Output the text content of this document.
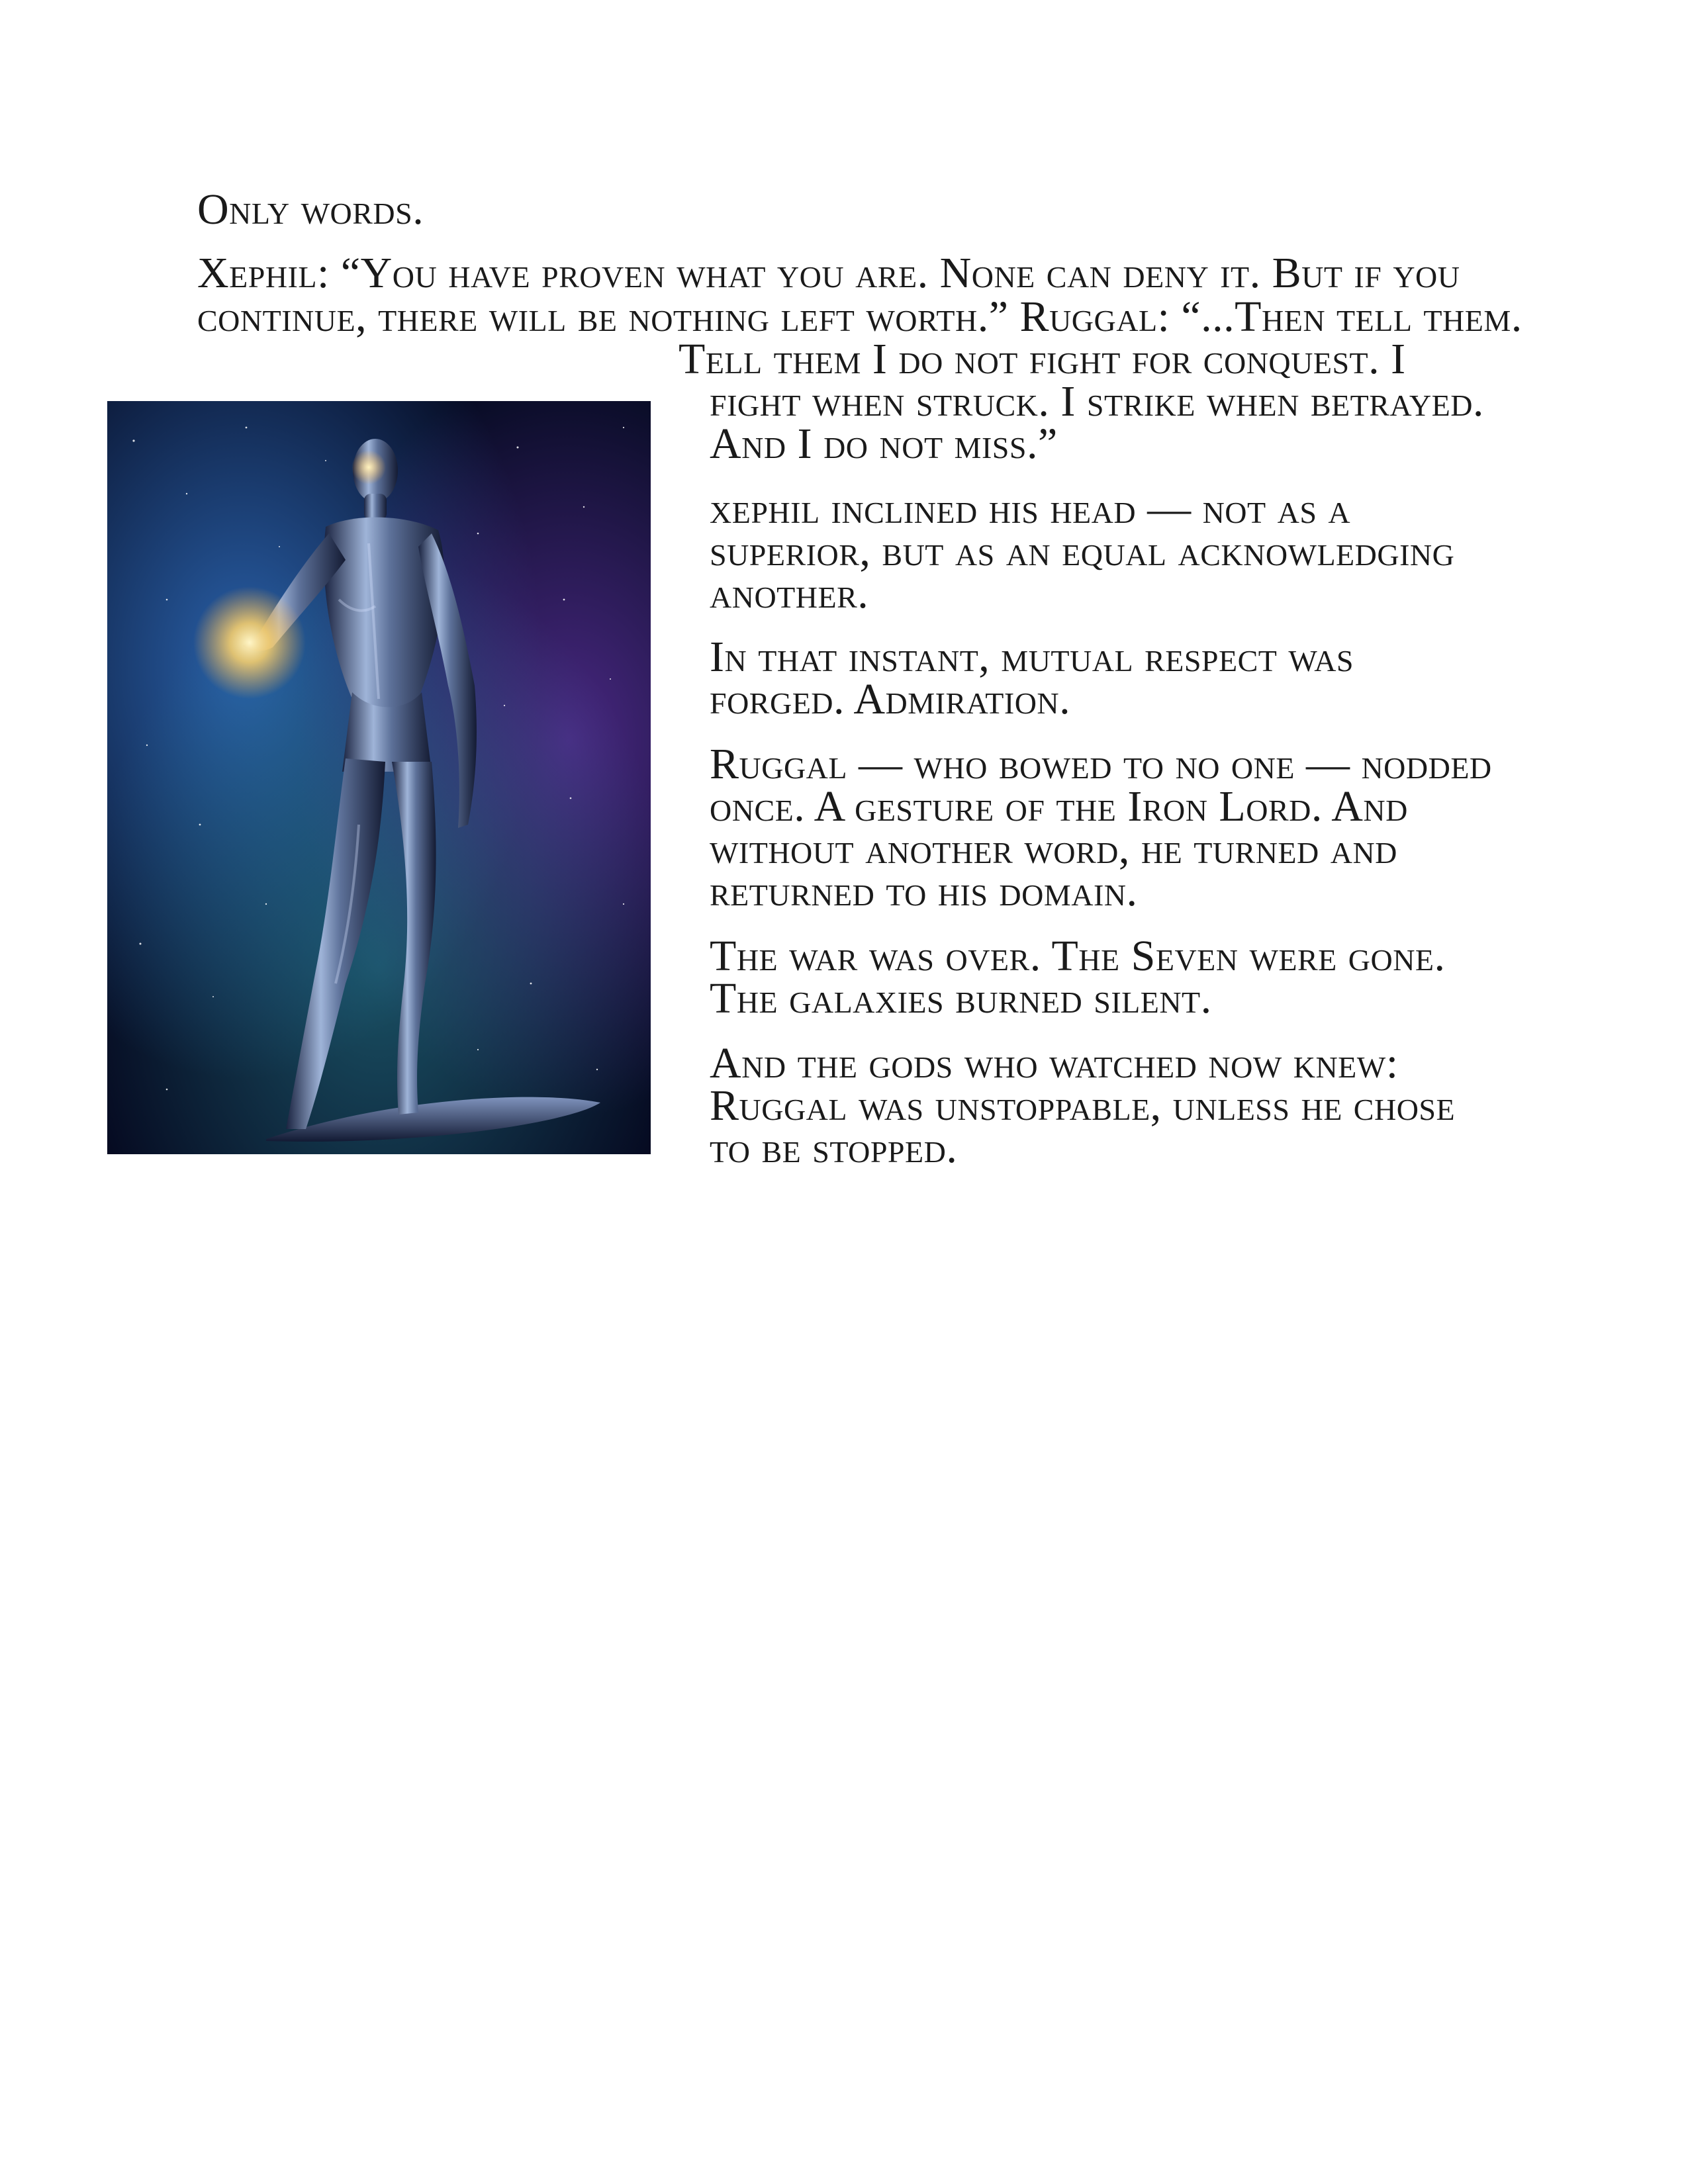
Only words.
Xephil: “You have proven what you are. None can deny it. But if you
continue, there will be nothing left worth.” Ruggal: “...Then tell them.
Tell them I do not fight for conquest. I
fight when struck. I strike when betrayed.
And I do not miss.”
xephil inclined his head — not as a
superior, but as an equal acknowledging
another.
In that instant, mutual respect was
forged. Admiration.
Ruggal — who bowed to no one — nodded
once. A gesture of the Iron Lord. And
without another word, he turned and
returned to his domain.
The war was over. The Seven were gone.
The galaxies burned silent.
And the gods who watched now knew:
Ruggal was unstoppable, unless he chose
to be stopped.
